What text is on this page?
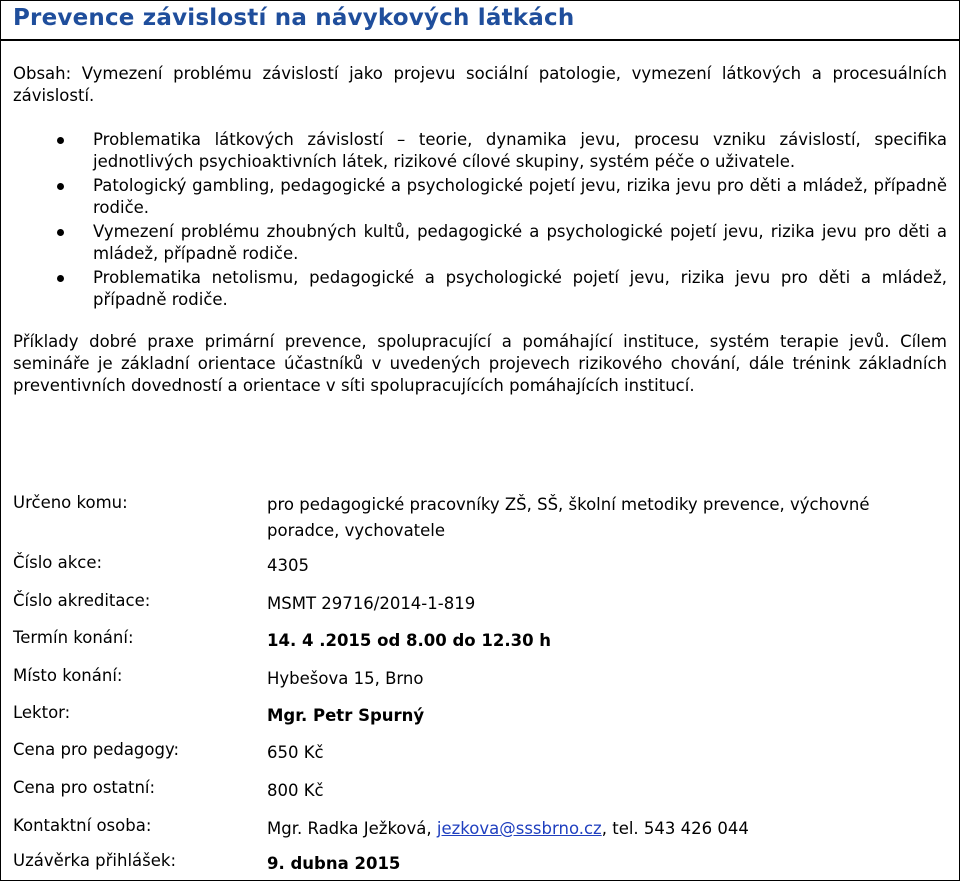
Prevence závislostí na návykových látkách

Obsah: Vymezení problému závislostí jako projevu sociální patologie, vymezení látkových a procesuálních závislostí.

Problematika látkových závislostí – teorie, dynamika jevu, procesu vzniku závislostí, specifika jednotlivých psychioaktivních látek, rizikové cílové skupiny, systém péče o uživatele.
Patologický gambling, pedagogické a psychologické pojetí jevu, rizika jevu pro děti a mládež, případně rodiče.
Vymezení problému zhoubných kultů, pedagogické a psychologické pojetí jevu, rizika jevu pro děti a mládež, případně rodiče.
Problematika netolismu, pedagogické a psychologické pojetí jevu, rizika jevu pro děti a mládež, případně rodiče.

Příklady dobré praxe primární prevence, spolupracující a pomáhající instituce, systém terapie jevů. Cílem semináře je základní orientace účastníků v uvedených projevech rizikového chování, dále trénink základních preventivních dovedností a orientace v síti spolupracujících pomáhajících institucí.

Určeno komu:	pro pedagogické pracovníky ZŠ, SŠ, školní metodiky prevence, výchovné poradce, vychovatele
Číslo akce:	4305
Číslo akreditace:	MSMT 29716/2014-1-819
Termín konání:	14. 4 .2015 od 8.00 do 12.30 h
Místo konání:	Hybešova 15, Brno
Lektor:	Mgr. Petr Spurný
Cena pro pedagogy:	650 Kč
Cena pro ostatní:	800 Kč
Kontaktní osoba:	Mgr. Radka Ježková, jezkova@sssbrno.cz, tel. 543 426 044
Uzávěrka přihlášek:	9. dubna 2015
